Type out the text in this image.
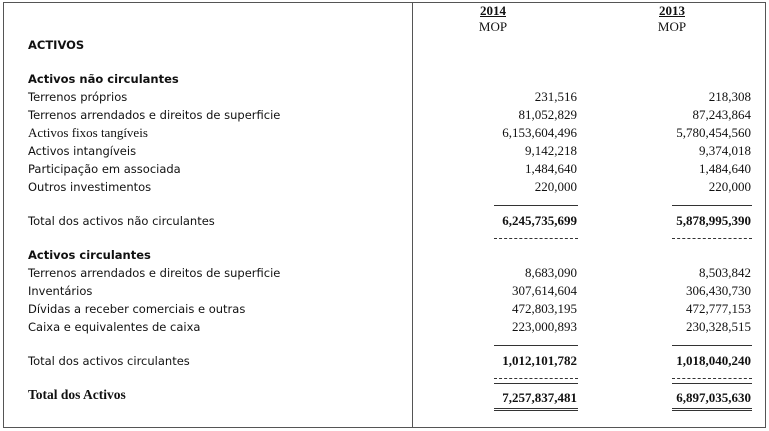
2014
MOP
2013
MOP
ACTIVOS
Activos não circulantes
Terrenos próprios	231,516	218,308
Terrenos arrendados e direitos de superficie	81,052,829	87,243,864
Activos fixos tangíveis	6,153,604,496	5,780,454,560
Activos intangíveis	9,142,218	9,374,018
Participação em associada	1,484,640	1,484,640
Outros investimentos	220,000	220,000
Total dos activos não circulantes	6,245,735,699	5,878,995,390
Activos circulantes
Terrenos arrendados e direitos de superficie	8,683,090	8,503,842
Inventários	307,614,604	306,430,730
Dívidas a receber comerciais e outras	472,803,195	472,777,153
Caixa e equivalentes de caixa	223,000,893	230,328,515
Total dos activos circulantes	1,012,101,782	1,018,040,240
Total dos Activos	7,257,837,481	6,897,035,630
